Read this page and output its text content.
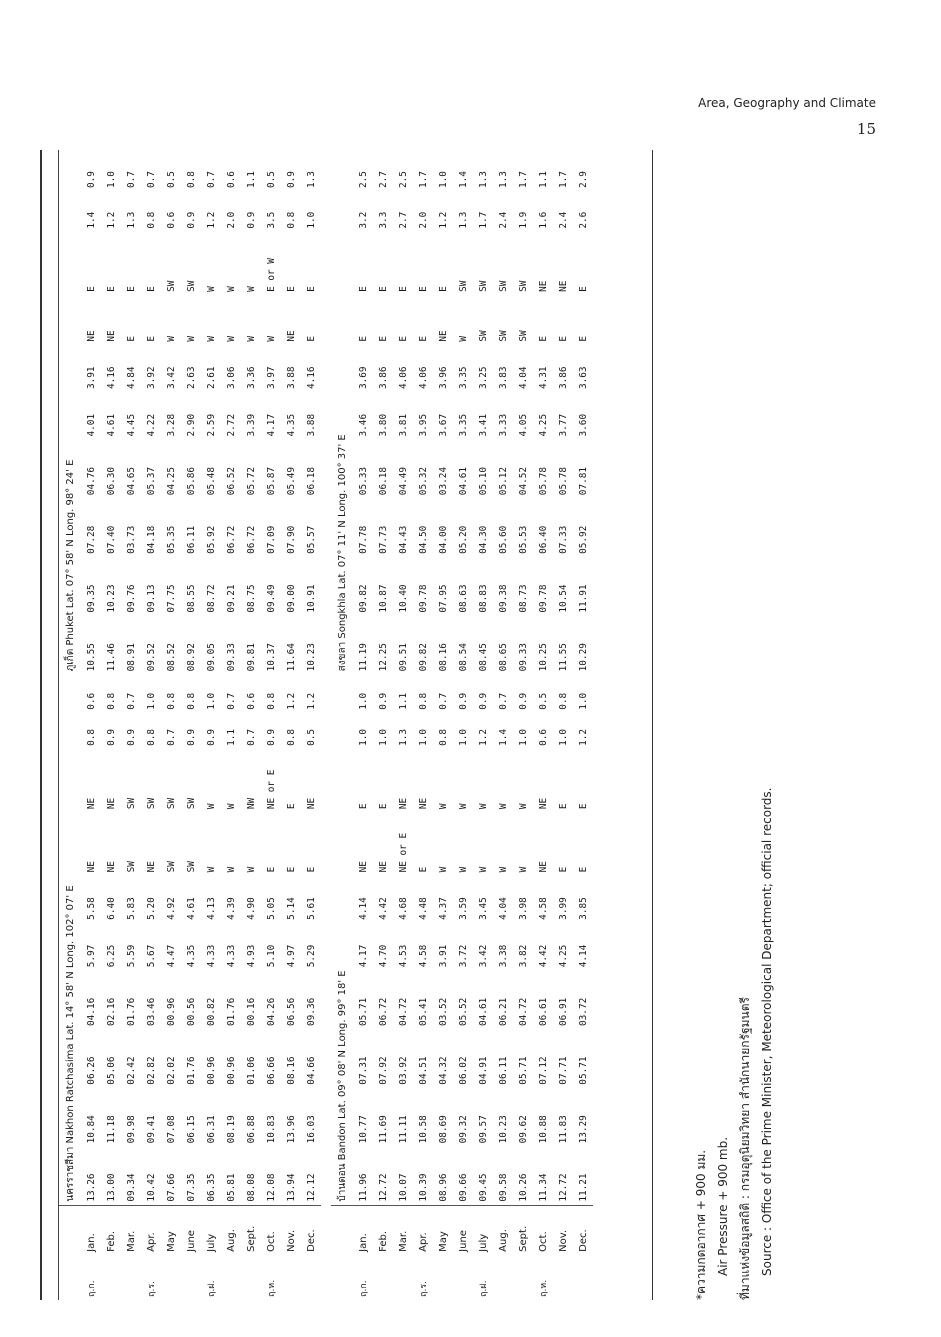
Area, Geography and Climate
15

		นครราชสีมา Nakhon Ratchasima Lat. 14° 58' N Long. 102° 07' E										ภูเก็ต Phuket Lat. 07° 58' N Long. 98° 24' E									
ฤ.ก.	Jan.	13.26	10.84	06.26	04.16	5.97	5.58	NE	NE	0.8	0.6	10.55	09.35	07.28	04.76	4.01	3.91	NE	E	1.4	0.9
	Feb.	13.00	11.18	05.06	02.16	6.25	6.40	NE	NE	0.9	0.8	11.46	10.23	07.40	06.30	4.61	4.16	NE	E	1.2	1.0
	Mar.	09.34	09.98	02.42	01.76	5.59	5.83	SW	SW	0.9	0.7	08.91	09.76	03.73	04.65	4.45	4.84	E	E	1.3	0.7
ฤ.ร.	Apr.	10.42	09.41	02.82	03.46	5.67	5.20	NE	SW	0.8	1.0	09.52	09.13	04.18	05.37	4.22	3.92	E	E	0.8	0.7
	May	07.66	07.08	02.02	00.96	4.47	4.92	SW	SW	0.7	0.8	08.52	07.75	05.35	04.25	3.28	3.42	W	SW	0.6	0.5
	June	07.35	06.15	01.76	00.56	4.35	4.61	SW	SW	0.9	0.8	08.92	08.55	06.11	05.86	2.90	2.63	W	SW	0.9	0.8
ฤ.ฝ.	July	06.35	06.31	00.96	00.82	4.33	4.13	W	W	0.9	1.0	09.05	08.72	05.92	05.48	2.59	2.61	W	W	1.2	0.7
	Aug.	05.81	08.19	00.96	01.76	4.33	4.39	W	W	1.1	0.7	09.33	09.21	06.72	06.52	2.72	3.06	W	W	2.0	0.6
	Sept.	08.08	06.88	01.06	00.16	4.93	4.90	W	NW	0.7	0.6	09.81	08.75	06.72	05.72	3.39	3.36	W	W	0.9	1.1
ฤ.ห.	Oct.	12.08	10.83	06.66	04.26	5.10	5.05	E	NE or E	0.9	0.8	10.37	09.49	07.09	05.87	4.17	3.97	W	E or W	3.5	0.5
	Nov.	13.94	13.96	08.16	06.56	4.97	5.14	E	E	0.8	1.2	11.64	09.00	07.90	05.49	4.35	3.88	NE	E	0.8	0.9
	Dec.	12.12	16.03	04.66	09.36	5.29	5.61	E	NE	0.5	1.2	10.23	10.91	05.57	06.18	3.88	4.16	E	E	1.0	1.3

		บ้านดอน Bandon Lat. 09° 08' N Long. 99° 18' E										สงขลา Songkhla Lat. 07° 11' N Long. 100° 37' E									
ฤ.ก.	Jan.	11.96	10.77	07.31	05.71	4.17	4.14	NE	E	1.0	1.0	11.19	09.82	07.78	05.33	3.46	3.69	E	E	3.2	2.5
	Feb.	12.72	11.69	07.92	06.72	4.70	4.42	NE	E	1.0	0.9	12.25	10.87	07.73	06.18	3.80	3.86	E	E	3.3	2.7
	Mar.	10.07	11.11	03.92	04.72	4.53	4.68	NE or E	NE	1.3	1.1	09.51	10.40	04.43	04.49	3.81	4.06	E	E	2.7	2.5
ฤ.ร.	Apr.	10.39	10.58	04.51	05.41	4.58	4.48	E	NE	1.0	0.8	09.82	09.78	04.50	05.32	3.95	4.06	E	E	2.0	1.7
	May	08.96	08.69	04.32	03.52	3.91	4.37	W	W	0.8	0.7	08.16	07.95	04.00	03.24	3.67	3.96	NE	E	1.2	1.0
	June	09.66	09.32	06.02	05.52	3.72	3.59	W	W	1.0	0.9	08.54	08.63	05.20	04.61	3.35	3.35	W	SW	1.3	1.4
ฤ.ฝ.	July	09.45	09.57	04.91	04.61	3.42	3.45	W	W	1.2	0.9	08.45	08.83	04.30	05.10	3.41	3.25	SW	SW	1.7	1.3
	Aug.	09.58	10.23	06.11	06.21	3.38	4.04	W	W	1.4	0.7	08.65	09.38	05.60	05.12	3.33	3.83	SW	SW	2.4	1.3
	Sept.	10.26	09.62	05.71	04.72	3.82	3.98	W	W	1.0	0.9	09.33	08.73	05.53	04.52	4.05	4.04	SW	SW	1.9	1.7
ฤ.ห.	Oct.	11.34	10.88	07.12	06.61	4.42	4.58	NE	NE	0.6	0.5	10.25	09.78	06.40	05.78	4.25	4.31	E	NE	1.6	1.1
	Nov.	12.72	11.83	07.71	06.91	4.25	3.99	E	E	1.0	0.8	11.55	10.54	07.33	05.78	3.77	3.86	E	NE	2.4	1.7
	Dec.	11.21	13.29	05.71	03.72	4.14	3.85	E	E	1.2	1.0	10.29	11.91	05.92	07.81	3.60	3.63	E	E	2.6	2.9
*ความกดอากาศ + 900 มม. Air Pressure + 900 mb. ที่มาแห่งข้อมูลสถิติ : กรมอุตุนิยมวิทยา สำนักนายกรัฐมนตรี Source : Office of the Prime Minister, Meteorological Department; official records.
